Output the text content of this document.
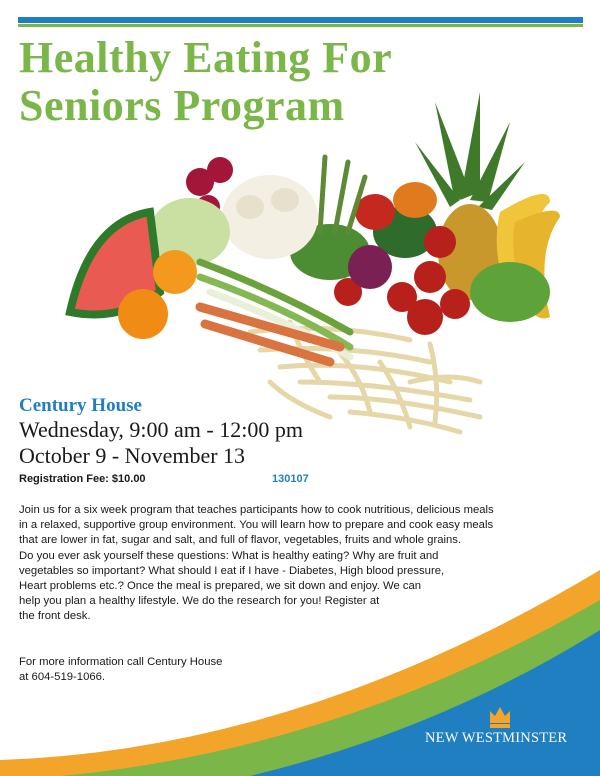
Healthy Eating For
Seniors Program
Century House
Wednesday, 9:00 am - 12:00 pm
October 9 - November 13
Registration Fee: $10.00	130107

Join us for a six week program that teaches participants how to cook nutritious, delicious meals
in a relaxed, supportive group environment. You will learn how to prepare and cook easy meals
that are lower in fat, sugar and salt, and full of flavor, vegetables, fruits and whole grains.
Do you ever ask yourself these questions: What is healthy eating? Why are fruit and
vegetables so important? What should I eat if I have - Diabetes, High blood pressure,
Heart problems etc.? Once the meal is prepared, we sit down and enjoy. We can
help you plan a healthy lifestyle. We do the research for you! Register at
the front desk.

For more information call Century House
at 604-519-1066.

NEW WESTMINSTER
